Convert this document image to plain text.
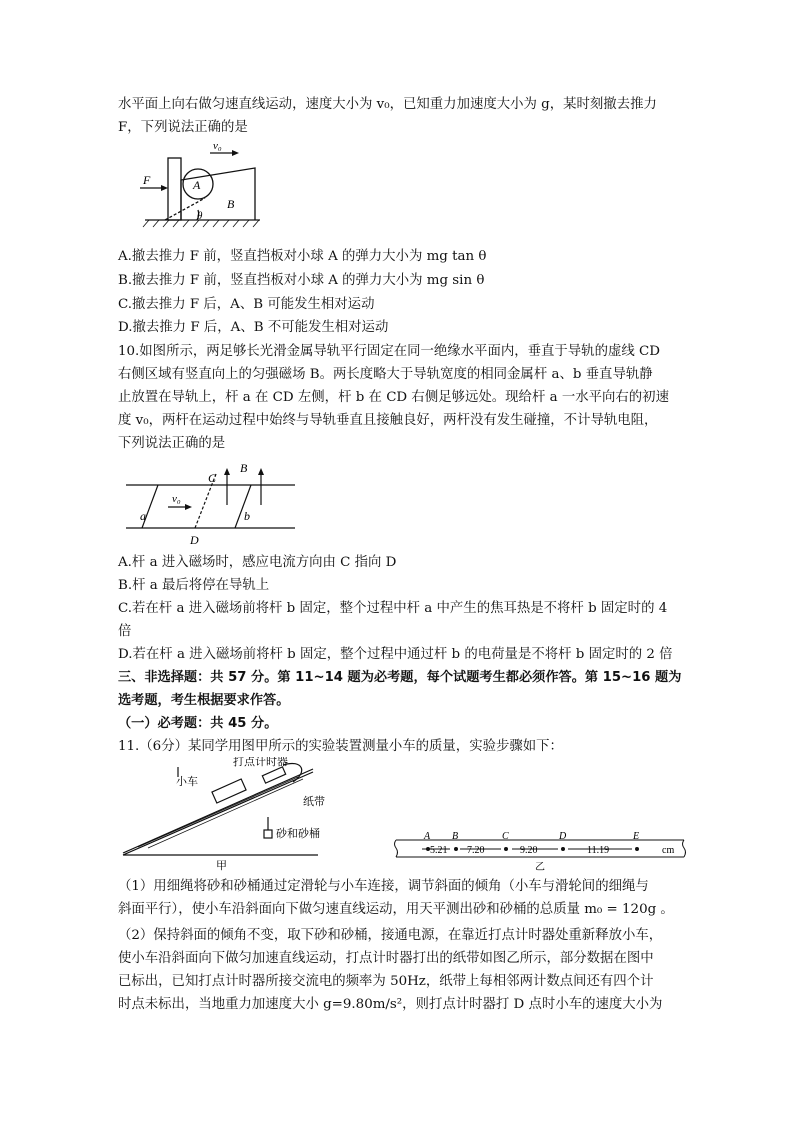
水平面上向右做匀速直线运动，速度大小为 v₀，已知重力加速度大小为 g，某时刻撤去推力
F，下列说法正确的是
v₀
F	A
B
θ
A.撤去推力 F 前，竖直挡板对小球 A 的弹力大小为 mg tan θ
B.撤去推力 F 前，竖直挡板对小球 A 的弹力大小为 mg sin θ
C.撤去推力 F 后，A、B 可能发生相对运动
D.撤去推力 F 后，A、B 不可能发生相对运动
10.如图所示，两足够长光滑金属导轨平行固定在同一绝缘水平面内，垂直于导轨的虚线 CD
右侧区域有竖直向上的匀强磁场 B。两长度略大于导轨宽度的相同金属杆 a、b 垂直导轨静
止放置在导轨上，杆 a 在 CD 左侧，杆 b 在 CD 右侧足够远处。现给杆 a 一水平向右的初速
度 v₀，两杆在运动过程中始终与导轨垂直且接触良好，两杆没有发生碰撞，不计导轨电阻，
下列说法正确的是
C
D
B
a	b
v₀
A.杆 a 进入磁场时，感应电流方向由 C 指向 D
B.杆 a 最后将停在导轨上
C.若在杆 a 进入磁场前将杆 b 固定，整个过程中杆 a 中产生的焦耳热是不将杆 b 固定时的 4
倍
D.若在杆 a 进入磁场前将杆 b 固定，整个过程中通过杆 b 的电荷量是不将杆 b 固定时的 2 倍
三、非选择题：共 57 分。第 11~14 题为必考题，每个试题考生都必须作答。第 15~16 题为
选考题，考生根据要求作答。
（一）必考题：共 45 分。
11.（6分）某同学用图甲所示的实验装置测量小车的质量，实验步骤如下：
打点计时器
小车
纸带
砂和砂桶
甲
A B	C	D	E
5.21 7.20	9.20	11.19	cm
乙
（1）用细绳将砂和砂桶通过定滑轮与小车连接，调节斜面的倾角（小车与滑轮间的细绳与
斜面平行），使小车沿斜面向下做匀速直线运动，用天平测出砂和砂桶的总质量 m₀ = 120g 。
（2）保持斜面的倾角不变，取下砂和砂桶，接通电源，在靠近打点计时器处重新释放小车，
使小车沿斜面向下做匀加速直线运动，打点计时器打出的纸带如图乙所示，部分数据在图中
已标出，已知打点计时器所接交流电的频率为 50Hz，纸带上每相邻两计数点间还有四个计
时点未标出，当地重力加速度大小 g=9.80m/s²，则打点计时器打 D 点时小车的速度大小为
